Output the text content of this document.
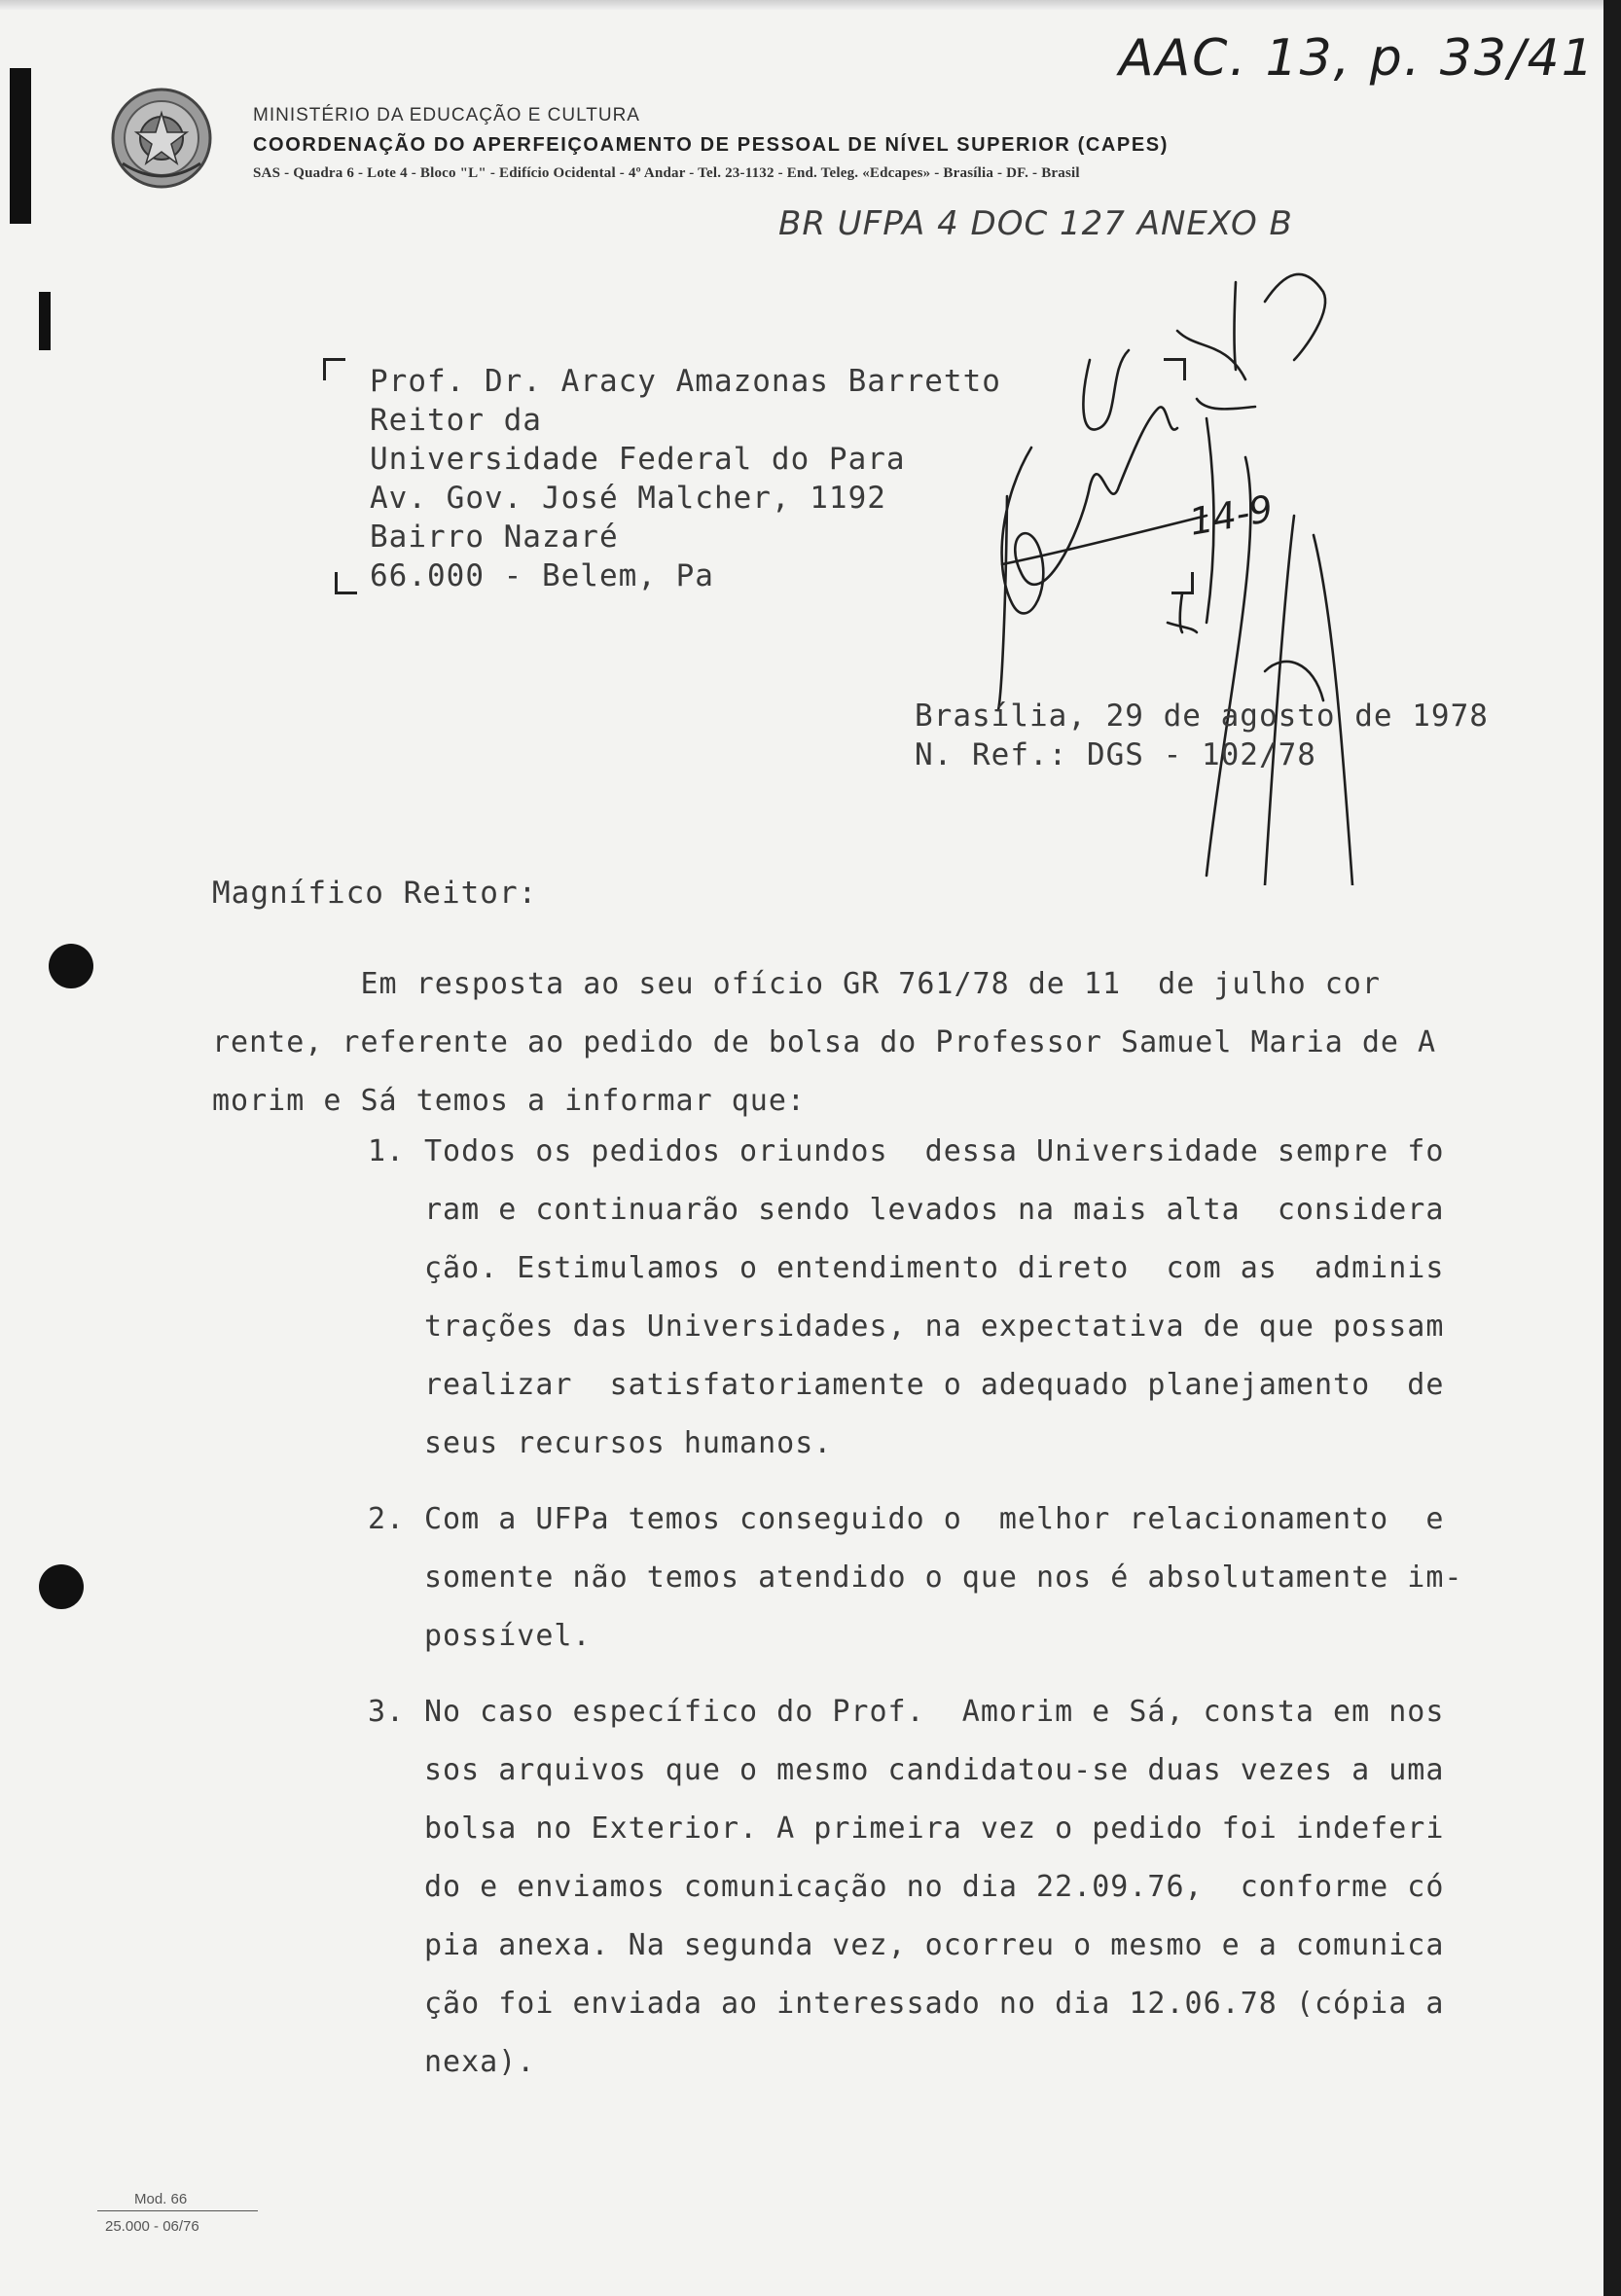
MINISTÉRIO DA EDUCAÇÃO E CULTURA
COORDENAÇÃO DO APERFEIÇOAMENTO DE PESSOAL DE NÍVEL SUPERIOR (CAPES)
SAS - Quadra 6 - Lote 4 - Bloco "L" - Edifício Ocidental - 4º Andar - Tel. 23-1132 - End. Teleg. «Edcapes» - Brasília - DF. - Brasil
AAC. 13, p. 33/41
BR UFPA 4 DOC 127 ANEXO B
Prof. Dr. Aracy Amazonas Barretto
Reitor da
Universidade Federal do Para
Av. Gov. José Malcher, 1192
Bairro Nazaré
66.000 - Belem, Pa
14-9
Brasília, 29 de agosto de 1978
N. Ref.: DGS - 102/78
Magnífico Reitor:
Em resposta ao seu ofício GR 761/78 de 11  de julho cor
rente, referente ao pedido de bolsa do Professor Samuel Maria de A
morim e Sá temos a informar que:
1. Todos os pedidos oriundos  dessa Universidade sempre fo
ram e continuarão sendo levados na mais alta  considera
ção. Estimulamos o entendimento direto  com as  adminis
trações das Universidades, na expectativa de que possam
realizar  satisfatoriamente o adequado planejamento  de
seus recursos humanos.
2. Com a UFPa temos conseguido o  melhor relacionamento  e
somente não temos atendido o que nos é absolutamente im-
possível.
3. No caso específico do Prof.  Amorim e Sá, consta em nos
sos arquivos que o mesmo candidatou-se duas vezes a uma
bolsa no Exterior. A primeira vez o pedido foi indeferi
do e enviamos comunicação no dia 22.09.76,  conforme có
pia anexa. Na segunda vez, ocorreu o mesmo e a comunica
ção foi enviada ao interessado no dia 12.06.78 (cópia a
nexa).
Mod. 66
25.000 - 06/76
